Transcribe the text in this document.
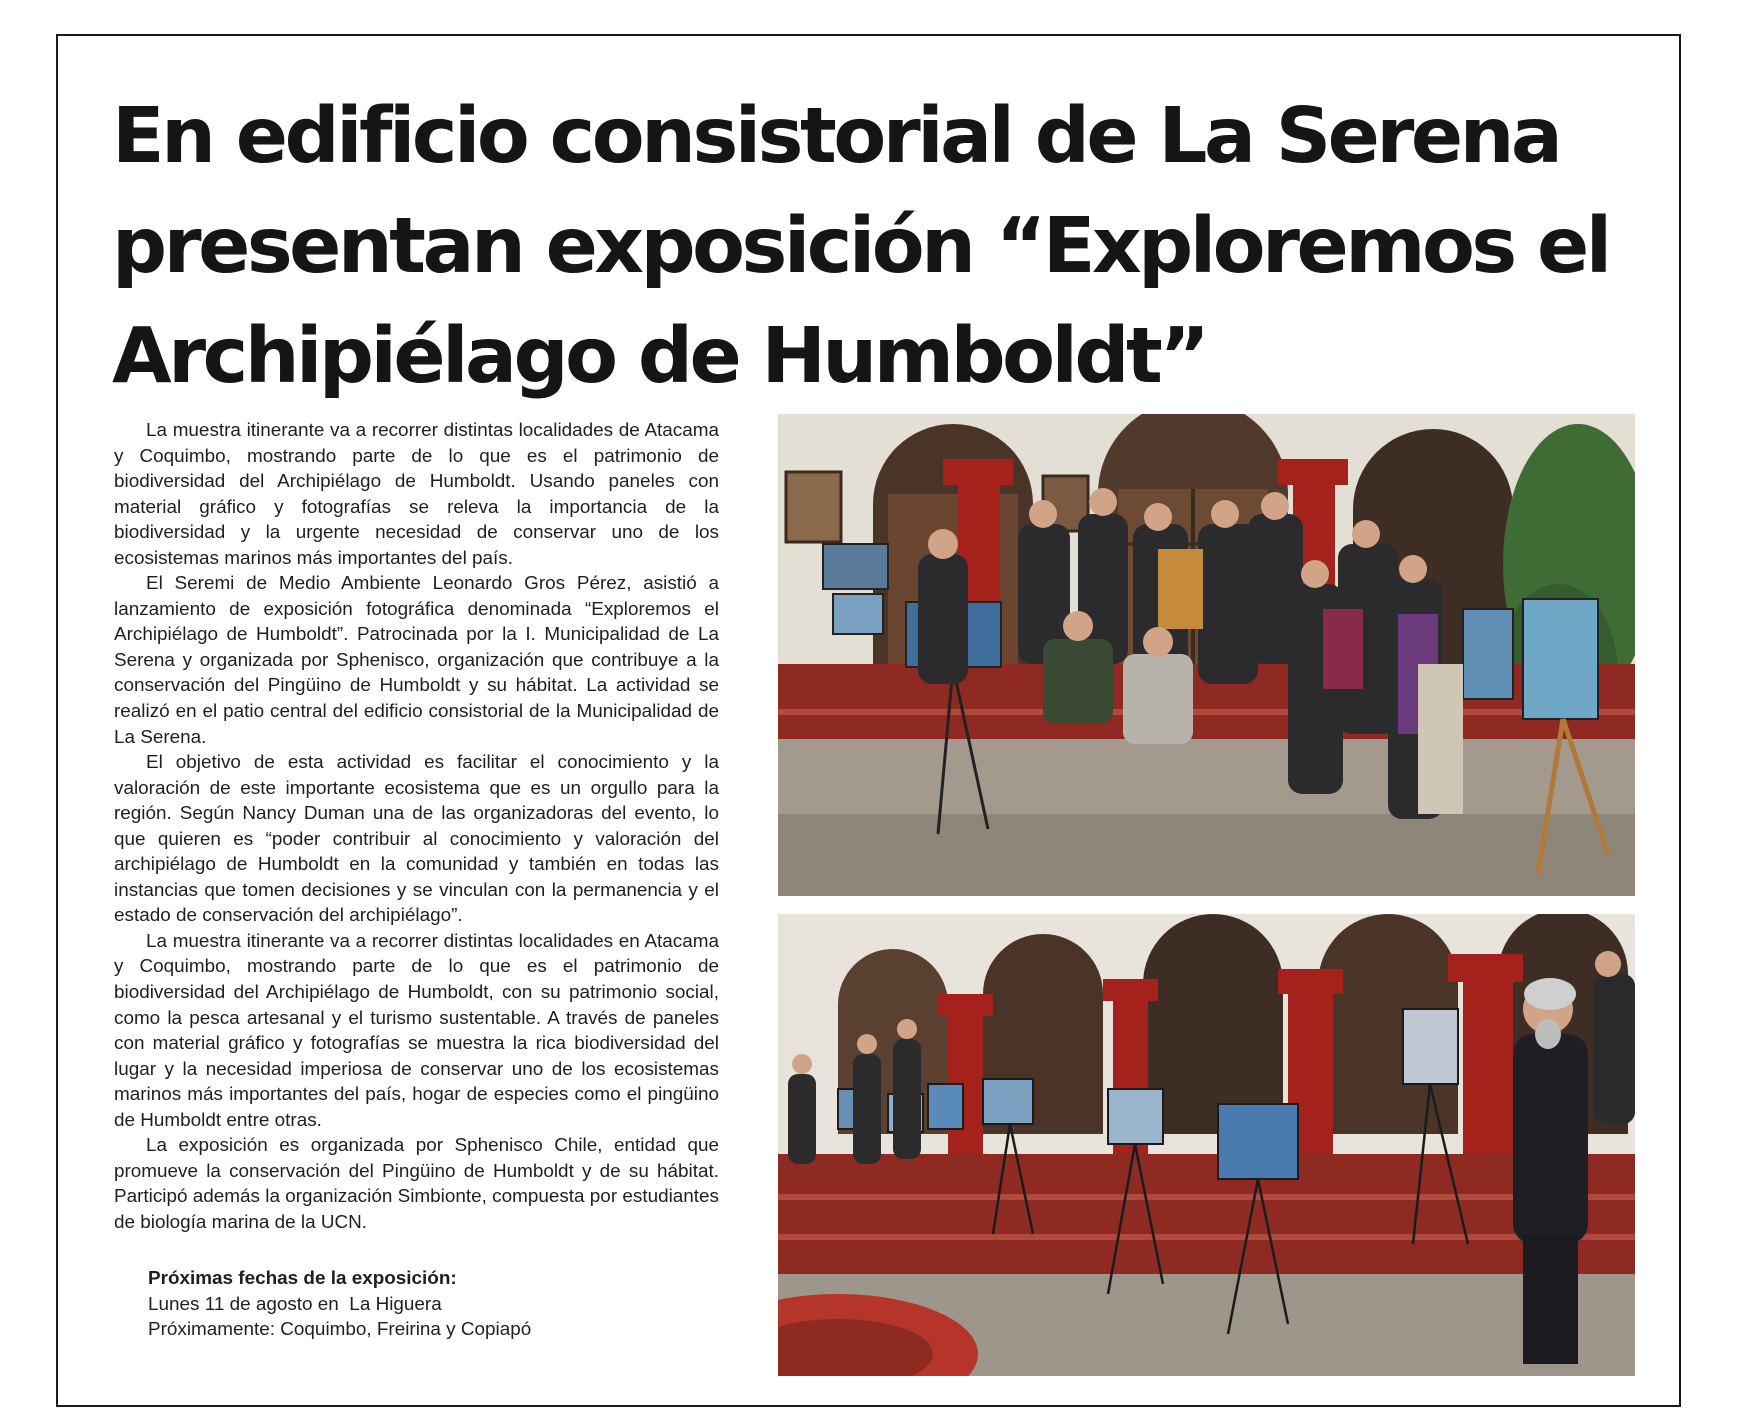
En edificio consistorial de La Serena
presentan exposición “Exploremos el
Archipiélago de Humboldt”

La muestra itinerante va a recorrer distintas localidades de Atacama y Coquimbo, mostrando parte de lo que es el patrimonio de biodiversidad del Archipiélago de Humboldt. Usando paneles con material gráfico y fotografías se releva la importancia de la biodiversidad y la urgente necesidad de conservar uno de los ecosistemas marinos más importantes del país.

El Seremi de Medio Ambiente Leonardo Gros Pérez, asistió a lanzamiento de exposición fotográfica denominada “Exploremos el Archipiélago de Humboldt”. Patrocinada por la I. Municipalidad de La Serena y organizada por Sphenisco, organización que contribuye a la conservación del Pingüino de Humboldt y su hábitat. La actividad se realizó en el patio central del edificio consistorial de la Municipalidad de La Serena.

El objetivo de esta actividad es facilitar el conocimiento y la valoración de este importante ecosistema que es un orgullo para la región. Según Nancy Duman una de las organizadoras del evento, lo que quieren es “poder contribuir al conocimiento y valoración del archipiélago de Humboldt en la comunidad y también en todas las instancias que tomen decisiones y se vinculan con la permanencia y el estado de conservación del archipiélago”.

La muestra itinerante va a recorrer distintas localidades en Atacama y Coquimbo, mostrando parte de lo que es el patrimonio de biodiversidad del Archipiélago de Humboldt, con su patrimonio social, como la pesca artesanal y el turismo sustentable. A través de paneles con material gráfico y fotografías se muestra la rica biodiversidad del lugar y la necesidad imperiosa de conservar uno de los ecosistemas marinos más importantes del país, hogar de especies como el pingüino de Humboldt entre otras.

La exposición es organizada por Sphenisco Chile, entidad que promueve la conservación del Pingüino de Humboldt y de su hábitat. Participó además la organización Simbionte, compuesta por estudiantes de biología marina de la UCN.

Próximas fechas de la exposición:
Lunes 11 de agosto en  La Higuera
Próximamente: Coquimbo, Freirina y Copiapó
